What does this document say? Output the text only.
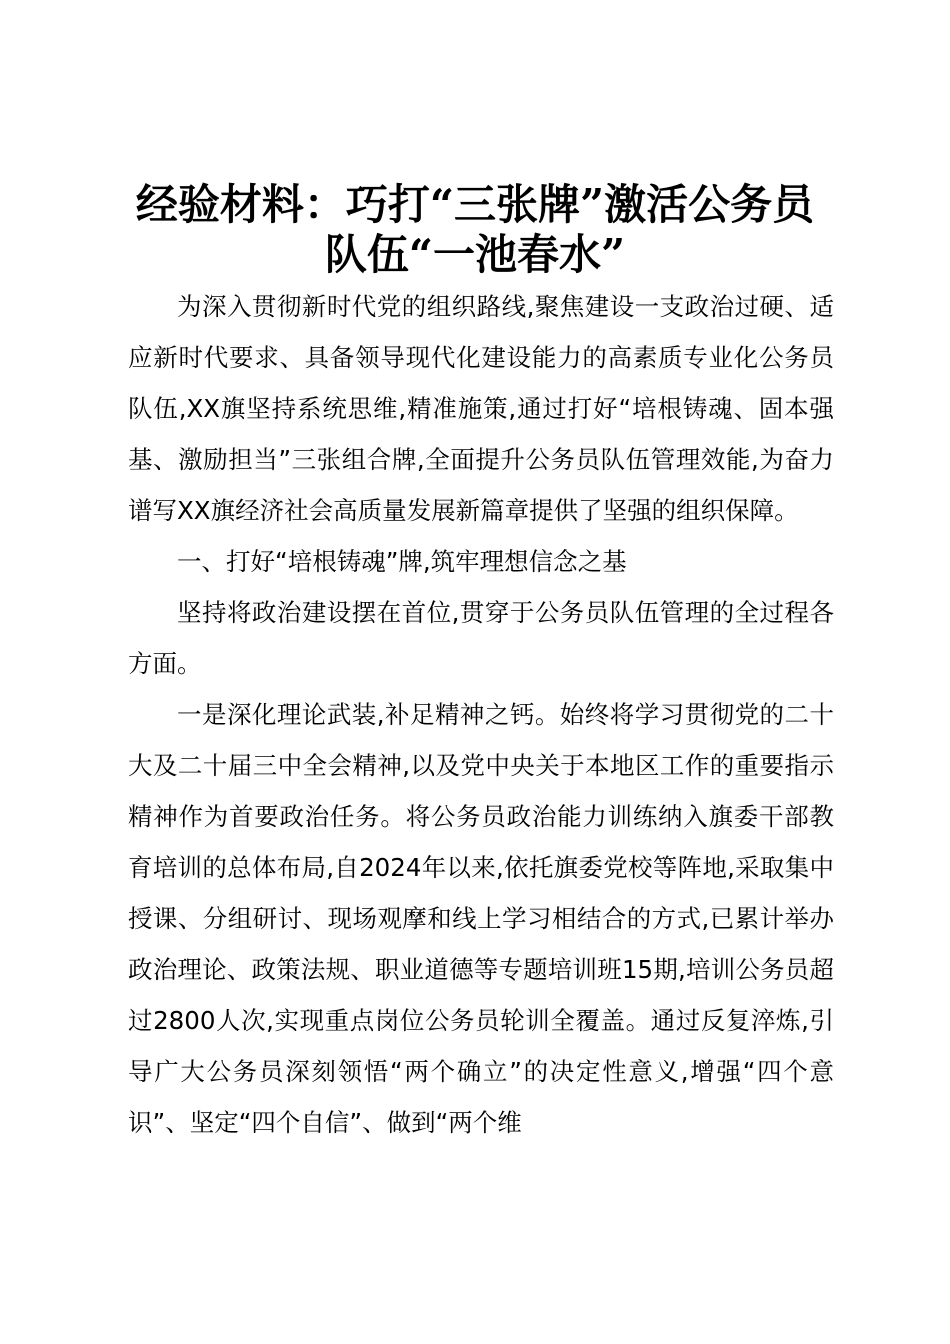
经验材料：巧打“三张牌”激活公务员
队伍“一池春水”

为深入贯彻新时代党的组织路线,聚焦建设一支政治过硬、适应新时代要求、具备领导现代化建设能力的高素质专业化公务员队伍,XX旗坚持系统思维,精准施策,通过打好“培根铸魂、固本强基、激励担当”三张组合牌,全面提升公务员队伍管理效能,为奋力谱写XX旗经济社会高质量发展新篇章提供了坚强的组织保障。

一、打好“培根铸魂”牌,筑牢理想信念之基

坚持将政治建设摆在首位,贯穿于公务员队伍管理的全过程各方面。

一是深化理论武装,补足精神之钙。始终将学习贯彻党的二十大及二十届三中全会精神,以及党中央关于本地区工作的重要指示精神作为首要政治任务。将公务员政治能力训练纳入旗委干部教育培训的总体布局,自2024年以来,依托旗委党校等阵地,采取集中授课、分组研讨、现场观摩和线上学习相结合的方式,已累计举办政治理论、政策法规、职业道德等专题培训班15期,培训公务员超过2800人次,实现重点岗位公务员轮训全覆盖。通过反复淬炼,引导广大公务员深刻领悟“两个确立”的决定性意义,增强“四个意识”、坚定“四个自信”、做到“两个维
